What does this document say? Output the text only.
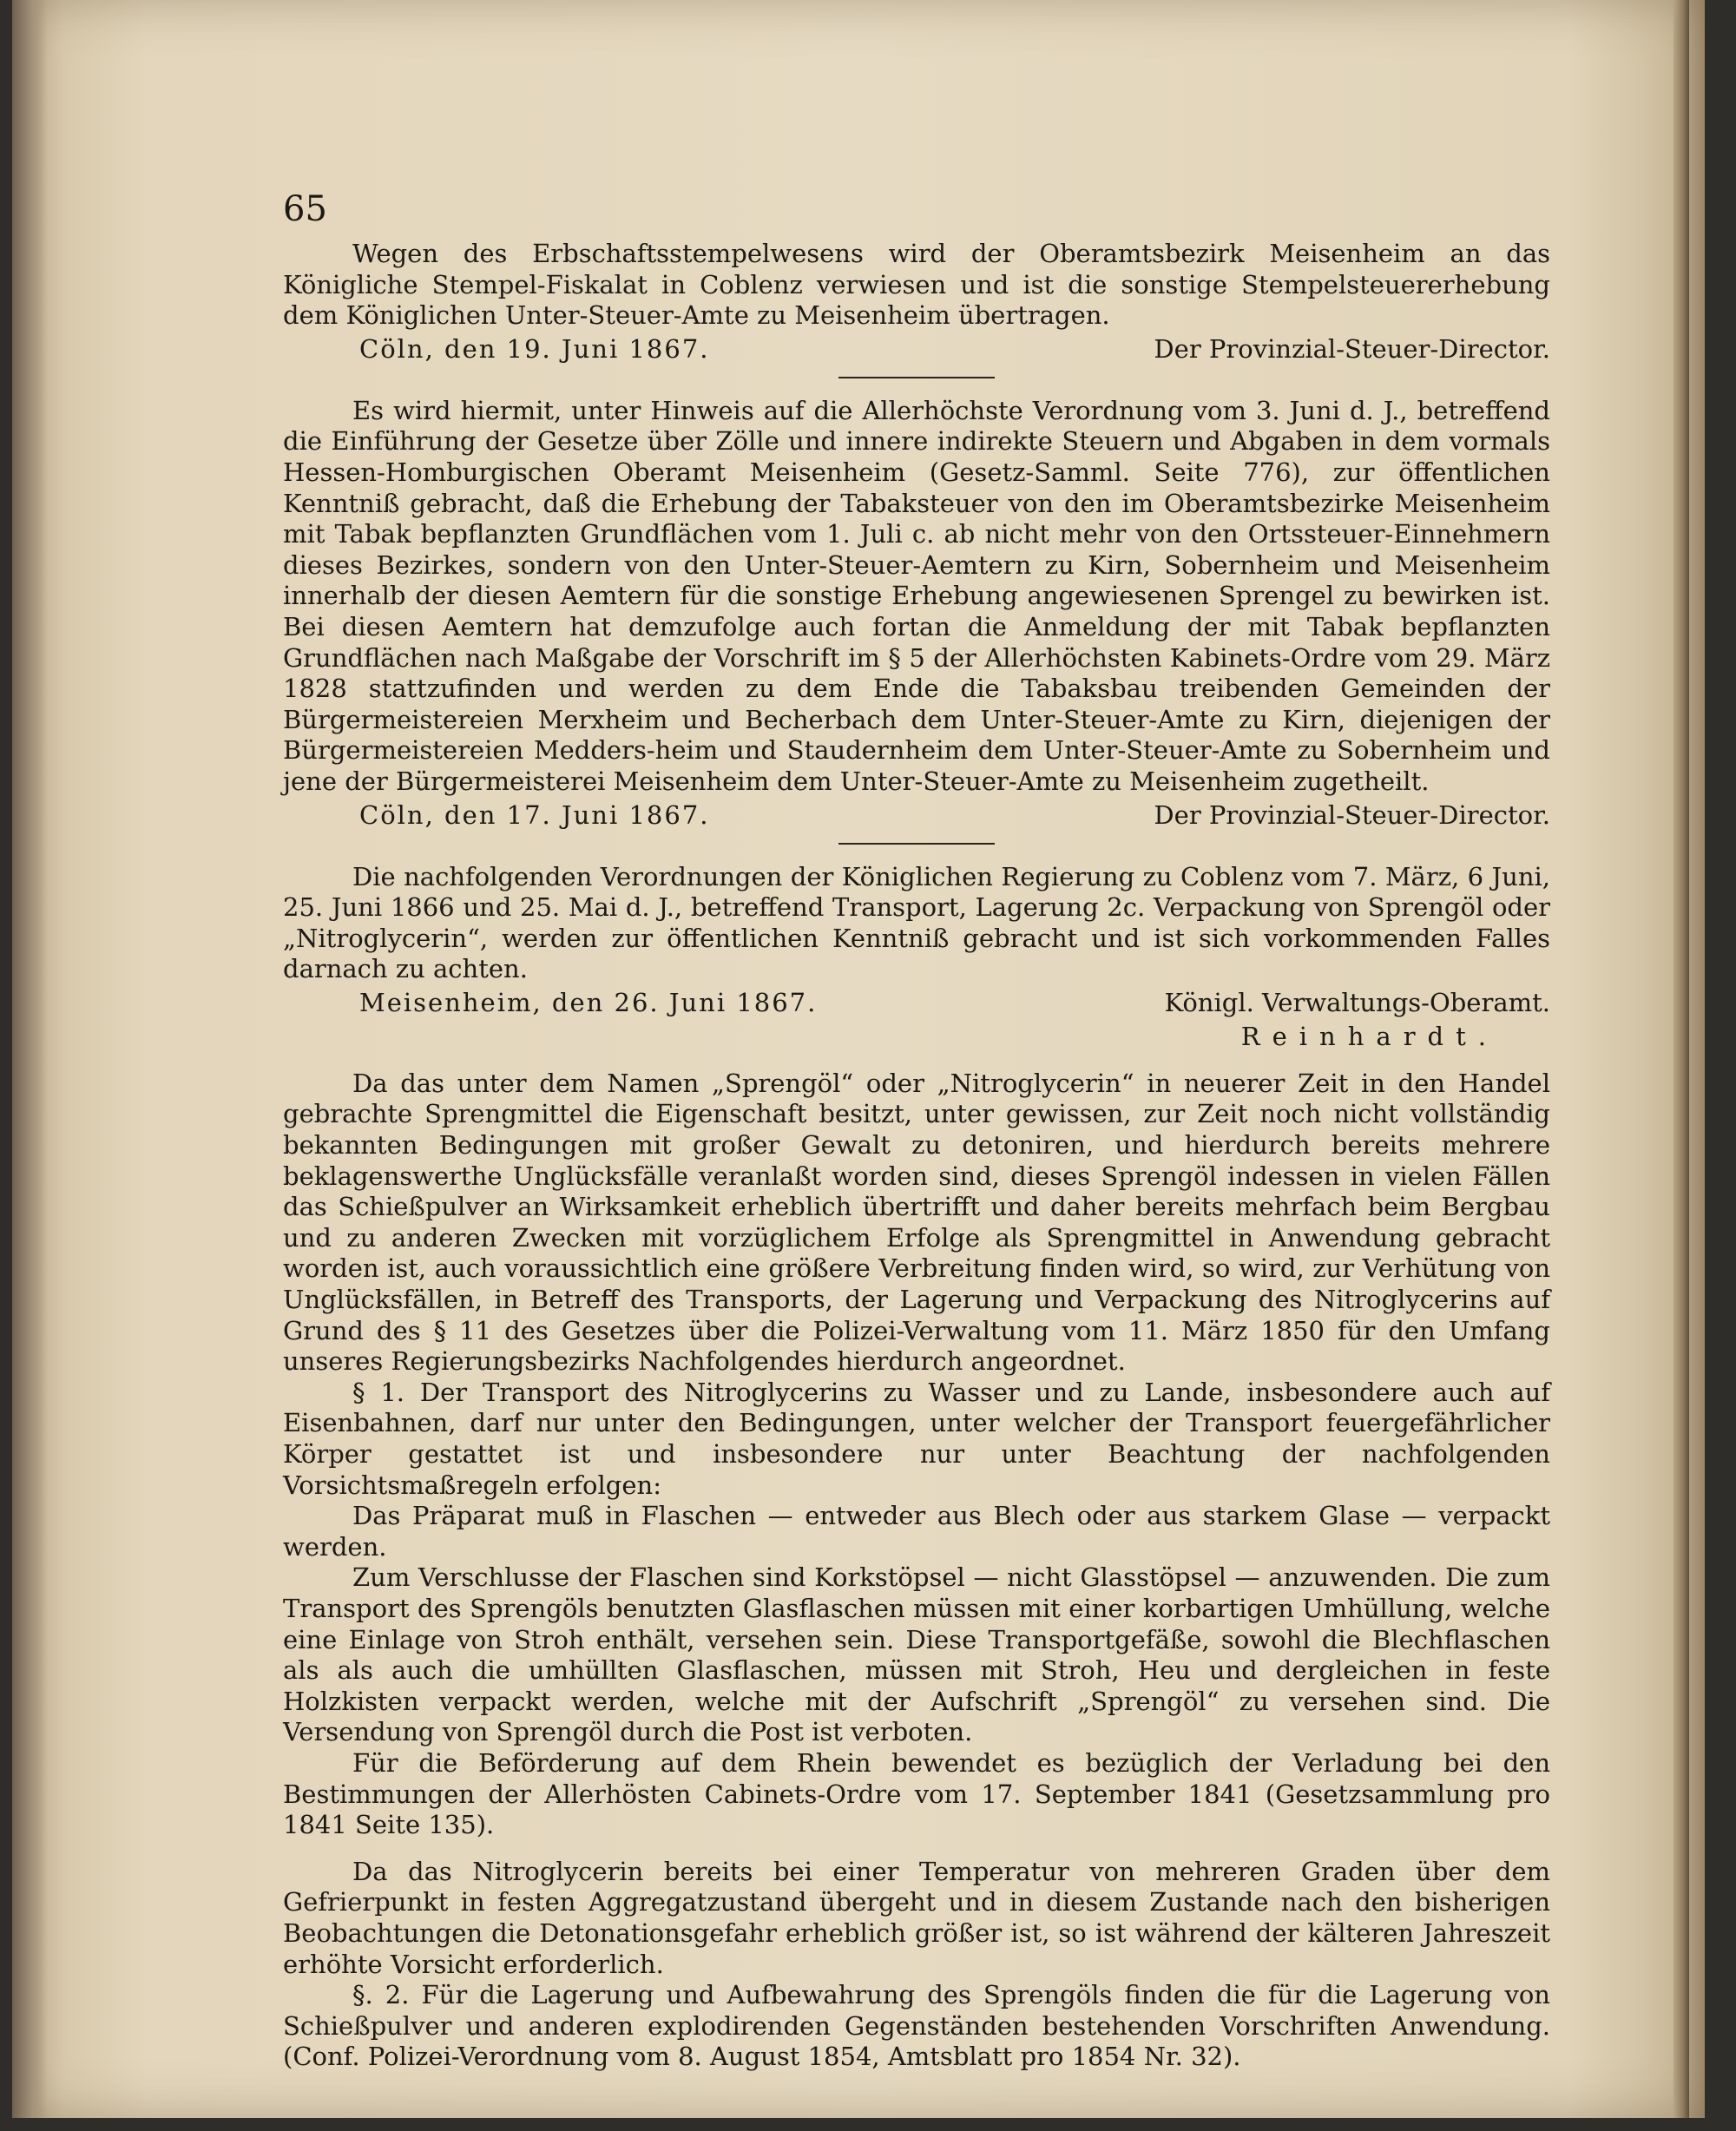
65

Wegen des Erbschaftsstempelwesens wird der Oberamtsbezirk Meisenheim an das Königliche Stempel-Fiskalat in Coblenz verwiesen und ist die sonstige Stempelsteuererhebung dem Königlichen Unter-Steuer-Amte zu Meisenheim übertragen.

Cöln, den 19. Juni 1867.	Der Provinzial-Steuer-Director.

Es wird hiermit, unter Hinweis auf die Allerhöchste Verordnung vom 3. Juni d. J., betreffend die Einführung der Gesetze über Zölle und innere indirekte Steuern und Abgaben in dem vormals Hessen-Homburgischen Oberamt Meisenheim (Gesetz-Samml. Seite 776), zur öffentlichen Kenntniß gebracht, daß die Erhebung der Tabaksteuer von den im Oberamtsbezirke Meisenheim mit Tabak bepflanzten Grundflächen vom 1. Juli c. ab nicht mehr von den Ortssteuer-Einnehmern dieses Bezirkes, sondern von den Unter-Steuer-Aemtern zu Kirn, Sobernheim und Meisenheim innerhalb der diesen Aemtern für die sonstige Erhebung angewiesenen Sprengel zu bewirken ist. Bei diesen Aemtern hat demzufolge auch fortan die Anmeldung der mit Tabak bepflanzten Grundflächen nach Maßgabe der Vorschrift im § 5 der Allerhöchsten Kabinets-Ordre vom 29. März 1828 stattzufinden und werden zu dem Ende die Tabaksbau treibenden Gemeinden der Bürgermeistereien Merxheim und Becherbach dem Unter-Steuer-Amte zu Kirn, diejenigen der Bürgermeistereien Medders-heim und Staudernheim dem Unter-Steuer-Amte zu Sobernheim und jene der Bürgermeisterei Meisenheim dem Unter-Steuer-Amte zu Meisenheim zugetheilt.

Cöln, den 17. Juni 1867.	Der Provinzial-Steuer-Director.

Die nachfolgenden Verordnungen der Königlichen Regierung zu Coblenz vom 7. März, 6 Juni, 25. Juni 1866 und 25. Mai d. J., betreffend Transport, Lagerung 2c. Verpackung von Sprengöl oder „Nitroglycerin“, werden zur öffentlichen Kenntniß gebracht und ist sich vorkommenden Falles darnach zu achten.

Meisenheim, den 26. Juni 1867.	Königl. Verwaltungs-Oberamt.
Reinhardt.

Da das unter dem Namen „Sprengöl“ oder „Nitroglycerin“ in neuerer Zeit in den Handel gebrachte Sprengmittel die Eigenschaft besitzt, unter gewissen, zur Zeit noch nicht vollständig bekannten Bedingungen mit großer Gewalt zu detoniren, und hierdurch bereits mehrere beklagenswerthe Unglücksfälle veranlaßt worden sind, dieses Sprengöl indessen in vielen Fällen das Schießpulver an Wirksamkeit erheblich übertrifft und daher bereits mehrfach beim Bergbau und zu anderen Zwecken mit vorzüglichem Erfolge als Sprengmittel in Anwendung gebracht worden ist, auch voraussichtlich eine größere Verbreitung finden wird, so wird, zur Verhütung von Unglücksfällen, in Betreff des Transports, der Lagerung und Verpackung des Nitroglycerins auf Grund des § 11 des Gesetzes über die Polizei-Verwaltung vom 11. März 1850 für den Umfang unseres Regierungsbezirks Nachfolgendes hierdurch angeordnet.

§ 1. Der Transport des Nitroglycerins zu Wasser und zu Lande, insbesondere auch auf Eisenbahnen, darf nur unter den Bedingungen, unter welcher der Transport feuergefährlicher Körper gestattet ist und insbesondere nur unter Beachtung der nachfolgenden Vorsichtsmaßregeln erfolgen:

Das Präparat muß in Flaschen — entweder aus Blech oder aus starkem Glase — verpackt werden.

Zum Verschlusse der Flaschen sind Korkstöpsel — nicht Glasstöpsel — anzuwenden. Die zum Transport des Sprengöls benutzten Glasflaschen müssen mit einer korbartigen Umhüllung, welche eine Einlage von Stroh enthält, versehen sein. Diese Transportgefäße, sowohl die Blechflaschen als als auch die umhüllten Glasflaschen, müssen mit Stroh, Heu und dergleichen in feste Holzkisten verpackt werden, welche mit der Aufschrift „Sprengöl“ zu versehen sind. Die Versendung von Sprengöl durch die Post ist verboten.

Für die Beförderung auf dem Rhein bewendet es bezüglich der Verladung bei den Bestimmungen der Allerhösten Cabinets-Ordre vom 17. September 1841 (Gesetzsammlung pro 1841 Seite 135).

Da das Nitroglycerin bereits bei einer Temperatur von mehreren Graden über dem Gefrierpunkt in festen Aggregatzustand übergeht und in diesem Zustande nach den bisherigen Beobachtungen die Detonationsgefahr erheblich größer ist, so ist während der kälteren Jahreszeit erhöhte Vorsicht erforderlich.

§. 2. Für die Lagerung und Aufbewahrung des Sprengöls finden die für die Lagerung von Schießpulver und anderen explodirenden Gegenständen bestehenden Vorschriften Anwendung. (Conf. Polizei-Verordnung vom 8. August 1854, Amtsblatt pro 1854 Nr. 32).
